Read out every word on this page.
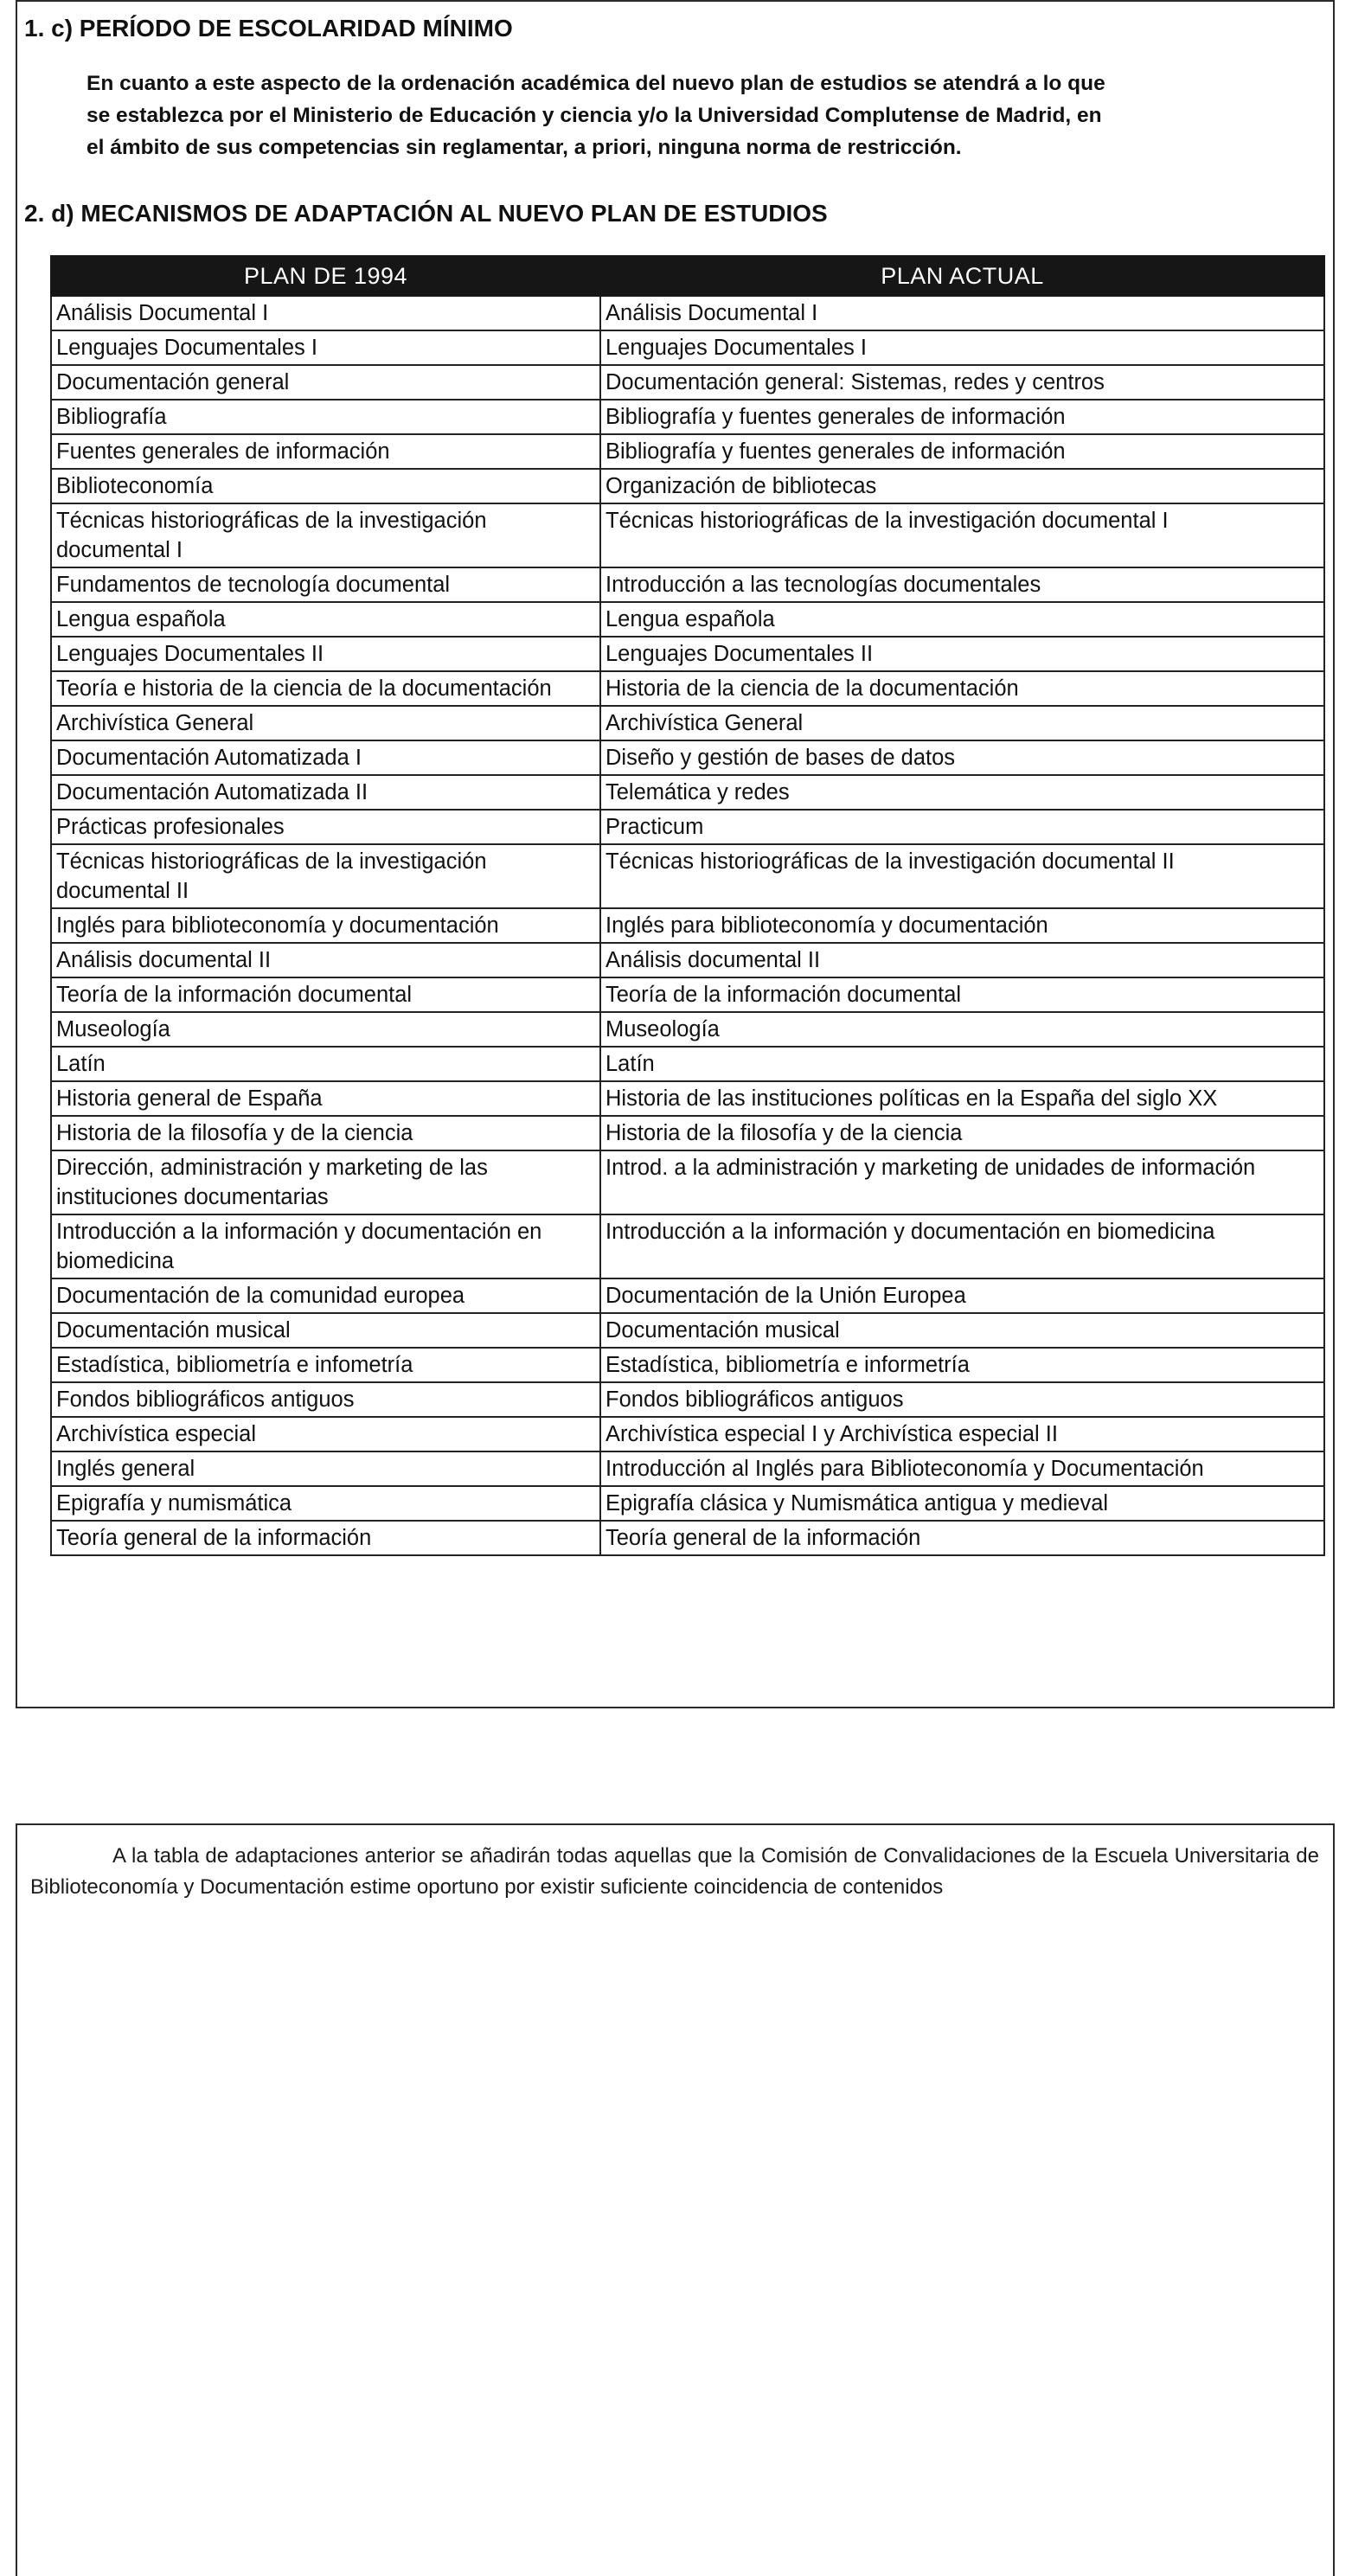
1. c) PERÍODO DE ESCOLARIDAD MÍNIMO
En cuanto a este aspecto de la ordenación académica del nuevo plan de estudios se atendrá a lo que
se establezca por el Ministerio de Educación y ciencia y/o la Universidad Complutense de Madrid, en
el ámbito de sus competencias sin reglamentar, a priori, ninguna norma de restricción.
2. d) MECANISMOS DE ADAPTACIÓN AL NUEVO PLAN DE ESTUDIOS
PLAN DE 1994	PLAN ACTUAL
Análisis Documental I	Análisis Documental I
Lenguajes Documentales I	Lenguajes Documentales I
Documentación general	Documentación general: Sistemas, redes y centros
Bibliografía	Bibliografía y fuentes generales de información
Fuentes generales de información	Bibliografía y fuentes generales de información
Biblioteconomía	Organización de bibliotecas
Técnicas historiográficas de la investigación documental I	Técnicas historiográficas de la investigación documental I
Fundamentos de tecnología documental	Introducción a las tecnologías documentales
Lengua española	Lengua española
Lenguajes Documentales II	Lenguajes Documentales II
Teoría e historia de la ciencia de la documentación	Historia de la ciencia de la documentación
Archivística General	Archivística General
Documentación Automatizada I	Diseño y gestión de bases de datos
Documentación Automatizada II	Telemática y redes
Prácticas profesionales	Practicum
Técnicas historiográficas de la investigación documental II	Técnicas historiográficas de la investigación documental II
Inglés para biblioteconomía y documentación	Inglés para biblioteconomía y documentación
Análisis documental II	Análisis documental II
Teoría de la información documental	Teoría de la información documental
Museología	Museología
Latín	Latín
Historia general de España	Historia de las instituciones políticas en la España del siglo XX
Historia de la filosofía y de la ciencia	Historia de la filosofía y de la ciencia
Dirección, administración y marketing de las instituciones documentarias	Introd. a la administración y marketing de unidades de información
Introducción a la información y documentación en biomedicina	Introducción a la información y documentación en biomedicina
Documentación de la comunidad europea	Documentación de la Unión Europea
Documentación musical	Documentación musical
Estadística, bibliometría e infometría	Estadística, bibliometría e informetría
Fondos bibliográficos antiguos	Fondos bibliográficos antiguos
Archivística especial	Archivística especial I y Archivística especial II
Inglés general	Introducción al Inglés para Biblioteconomía y Documentación
Epigrafía y numismática	Epigrafía clásica y Numismática antigua y medieval
Teoría general de la información	Teoría general de la información
A la tabla de adaptaciones anterior se añadirán todas aquellas que la Comisión de Convalidaciones de la Escuela Universitaria de Biblioteconomía y Documentación estime oportuno por existir suficiente coincidencia de contenidos
